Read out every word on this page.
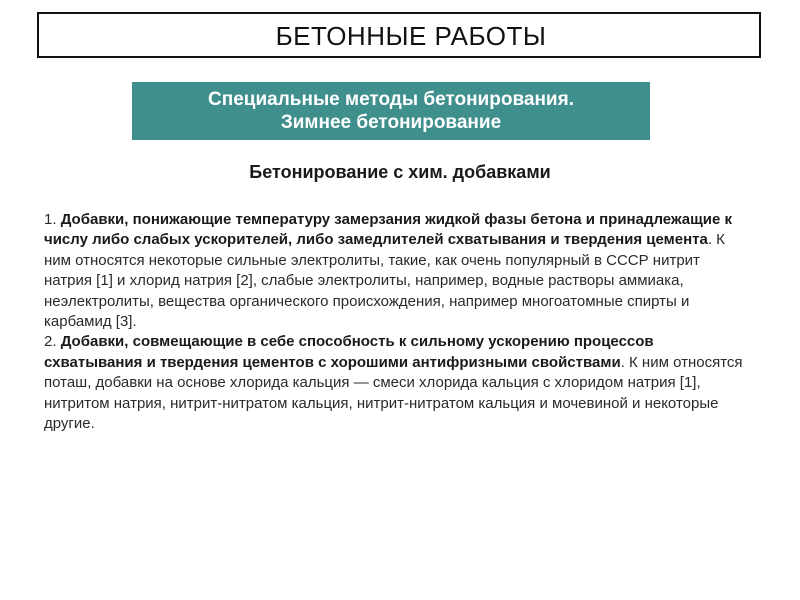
БЕТОННЫЕ РАБОТЫ
Специальные методы бетонирования.
Зимнее бетонирование
Бетонирование с хим. добавками

1. Добавки, понижающие температуру замерзания жидкой фазы бетона и принадлежащие к числу либо слабых ускорителей, либо замедлителей схватывания и твердения цемента. К ним относятся некоторые сильные электролиты, такие, как очень популярный в СССР нитрит натрия [1] и хлорид натрия [2], слабые электролиты, например, водные растворы аммиака, неэлектролиты, вещества органического происхождения, например многоатомные спирты и карбамид [3].

2. Добавки, совмещающие в себе способность к сильному ускорению процессов схватывания и твердения цементов с хорошими антифризными свойствами. К ним относятся поташ, добавки на основе хлорида кальция — смеси хлорида кальция с хлоридом натрия [1], нитритом натрия, нитрит-нитратом кальция, нитрит-нитратом кальция и мочевиной и некоторые другие.
